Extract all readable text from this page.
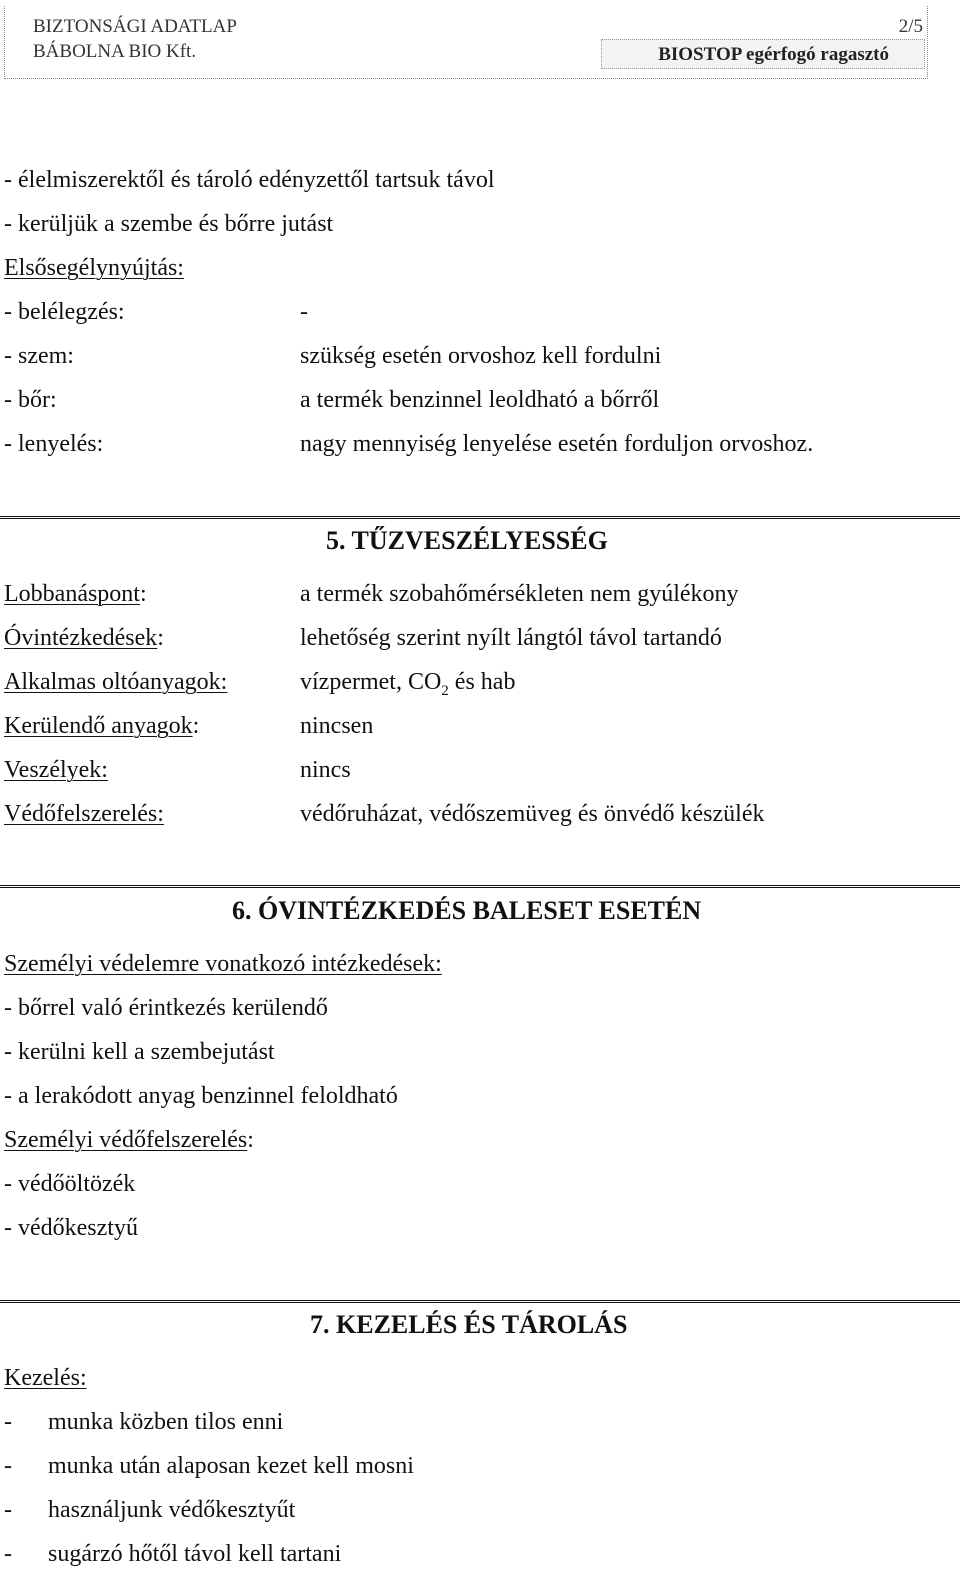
BIZTONSÁGI ADATLAP	2/5
BÁBOLNA BIO Kft.	BIOSTOP egérfogó ragasztó
- élelmiszerektől és tároló edényzettől tartsuk távol
- kerüljük a szembe és bőrre jutást
Elsősegélynyújtás:
- belélegzés:	-
- szem:	szükség esetén orvoshoz kell fordulni
- bőr:	a termék benzinnel leoldható a bőrről
- lenyelés:	nagy mennyiség lenyelése esetén forduljon orvoshoz.
5. TŰZVESZÉLYESSÉG
Lobbanáspont:	a termék szobahőmérsékleten nem gyúlékony
Óvintézkedések:	lehetőség szerint nyílt lángtól távol tartandó
Alkalmas oltóanyagok:	vízpermet, $CO_2$ és hab
Kerülendő anyagok:	nincsen
Veszélyek:	nincs
Védőfelszerelés:	védőruházat, védőszemüveg és önvédő készülék
6. ÓVINTÉZKEDÉS BALESET ESETÉN
Személyi védelemre vonatkozó intézkedések:
- bőrrel való érintkezés kerülendő
- kerülni kell a szembejutást
- a lerakódott anyag benzinnel feloldható
Személyi védőfelszerelés:
- védőöltözék
- védőkesztyű
7. KEZELÉS ÉS TÁROLÁS
Kezelés:
- munka közben tilos enni
- munka után alaposan kezet kell mosni
- használjunk védőkesztyűt
- sugárzó hőtől távol kell tartani
